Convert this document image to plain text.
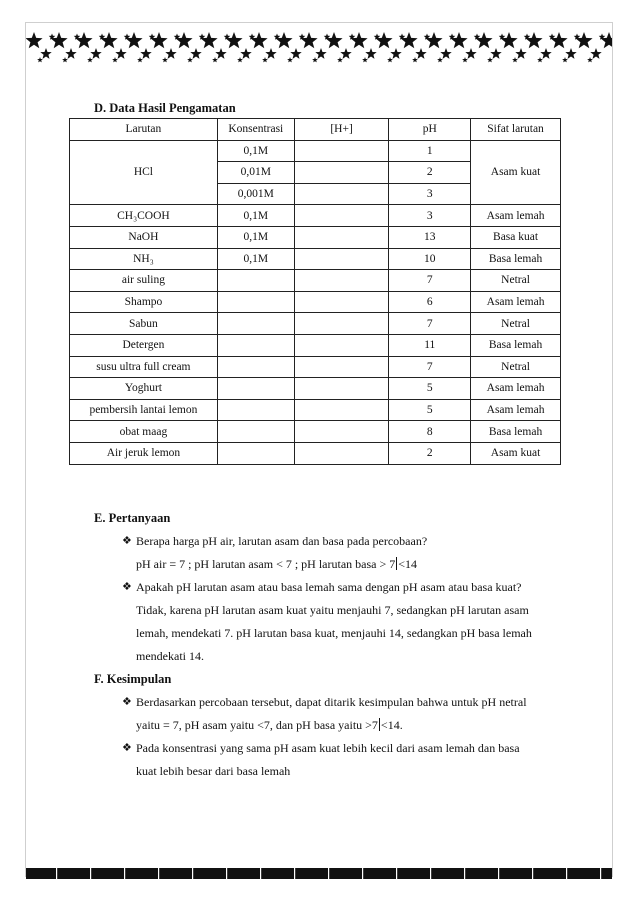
D. Data Hasil Pengamatan
Larutan	Konsentrasi	[H+]	pH	Sifat larutan
HCl	0,1M		1	Asam kuat
	0,01M		2	
	0,001M		3	
CH₃COOH	0,1M		3	Asam lemah
NaOH	0,1M		13	Basa kuat
NH₃	0,1M		10	Basa lemah
air suling			7	Netral
Shampo			6	Asam lemah
Sabun			7	Netral
Detergen			11	Basa lemah
susu ultra full cream			7	Netral
Yoghurt			5	Asam lemah
pembersih lantai lemon			5	Asam lemah
obat maag			8	Basa lemah
Air jeruk lemon			2	Asam kuat
E. Pertanyaan
❖ Berapa harga pH air, larutan asam dan basa pada percobaan?
pH air = 7 ; pH larutan asam < 7 ; pH larutan basa > 7 <14
❖ Apakah pH larutan asam atau basa lemah sama dengan pH asam atau basa kuat?
Tidak, karena pH larutan asam kuat yaitu menjauhi 7, sedangkan pH larutan asam
lemah, mendekati 7. pH larutan basa kuat, menjauhi 14, sedangkan pH basa lemah
mendekati 14.
F. Kesimpulan
❖ Berdasarkan percobaan tersebut, dapat ditarik kesimpulan bahwa untuk pH netral
yaitu = 7, pH asam yaitu <7, dan pH basa yaitu >7 <14.
❖ Pada konsentrasi yang sama pH asam kuat lebih kecil dari asam lemah dan basa
kuat lebih besar dari basa lemah
